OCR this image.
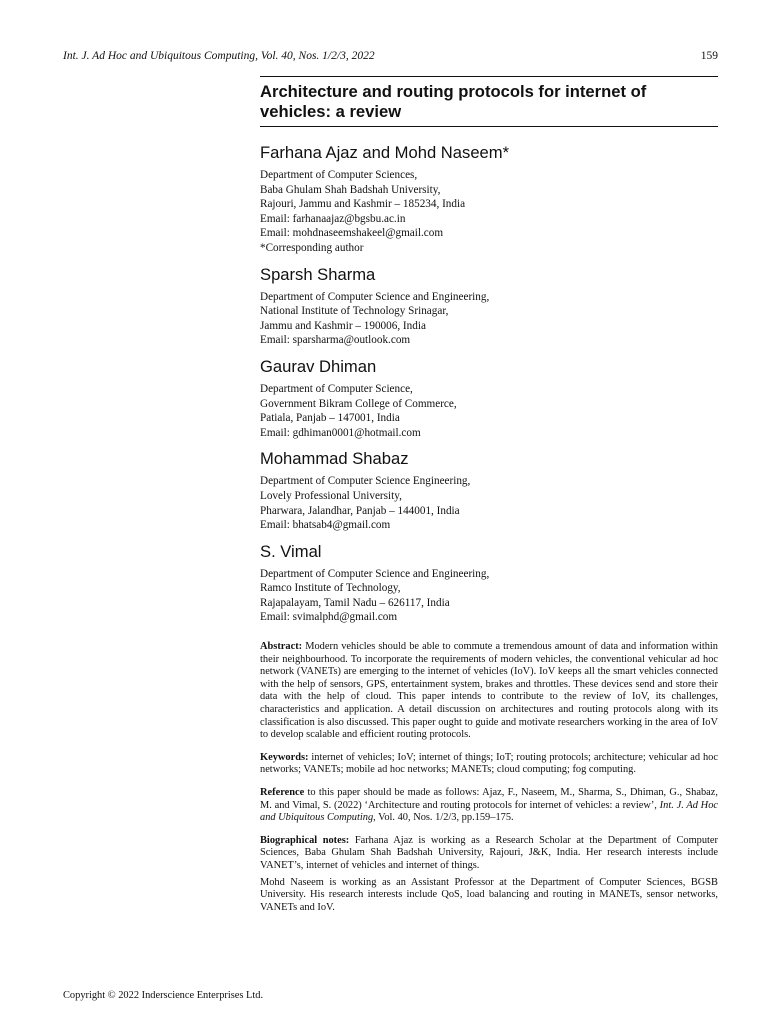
Int. J. Ad Hoc and Ubiquitous Computing, Vol. 40, Nos. 1/2/3, 2022	159
Architecture and routing protocols for internet of
vehicles: a review
Farhana Ajaz and Mohd Naseem*
Department of Computer Sciences,
Baba Ghulam Shah Badshah University,
Rajouri, Jammu and Kashmir – 185234, India
Email: farhanaajaz@bgsbu.ac.in
Email: mohdnaseemshakeel@gmail.com
*Corresponding author
Sparsh Sharma
Department of Computer Science and Engineering,
National Institute of Technology Srinagar,
Jammu and Kashmir – 190006, India
Email: sparsharma@outlook.com
Gaurav Dhiman
Department of Computer Science,
Government Bikram College of Commerce,
Patiala, Panjab – 147001, India
Email: gdhiman0001@hotmail.com
Mohammad Shabaz
Department of Computer Science Engineering,
Lovely Professional University,
Pharwara, Jalandhar, Panjab – 144001, India
Email: bhatsab4@gmail.com
S. Vimal
Department of Computer Science and Engineering,
Ramco Institute of Technology,
Rajapalayam, Tamil Nadu – 626117, India
Email: svimalphd@gmail.com

Abstract: Modern vehicles should be able to commute a tremendous amount of data and information within their neighbourhood. To incorporate the requirements of modern vehicles, the conventional vehicular ad hoc network (VANETs) are emerging to the internet of vehicles (IoV). IoV keeps all the smart vehicles connected with the help of sensors, GPS, entertainment system, brakes and throttles. These devices send and store their data with the help of cloud. This paper intends to contribute to the review of IoV, its challenges, characteristics and application. A detail discussion on architectures and routing protocols along with its classification is also discussed. This paper ought to guide and motivate researchers working in the area of IoV to develop scalable and efficient routing protocols.

Keywords: internet of vehicles; IoV; internet of things; IoT; routing protocols; architecture; vehicular ad hoc networks; VANETs; mobile ad hoc networks; MANETs; cloud computing; fog computing.

Reference to this paper should be made as follows: Ajaz, F., Naseem, M., Sharma, S., Dhiman, G., Shabaz, M. and Vimal, S. (2022) ‘Architecture and routing protocols for internet of vehicles: a review’, Int. J. Ad Hoc and Ubiquitous Computing, Vol. 40, Nos. 1/2/3, pp.159–175.

Biographical notes: Farhana Ajaz is working as a Research Scholar at the Department of Computer Sciences, Baba Ghulam Shah Badshah University, Rajouri, J&K, India. Her research interests include VANET’s, internet of vehicles and internet of things.

Mohd Naseem is working as an Assistant Professor at the Department of Computer Sciences, BGSB University. His research interests include QoS, load balancing and routing in MANETs, sensor networks, VANETs and IoV.

Copyright © 2022 Inderscience Enterprises Ltd.
